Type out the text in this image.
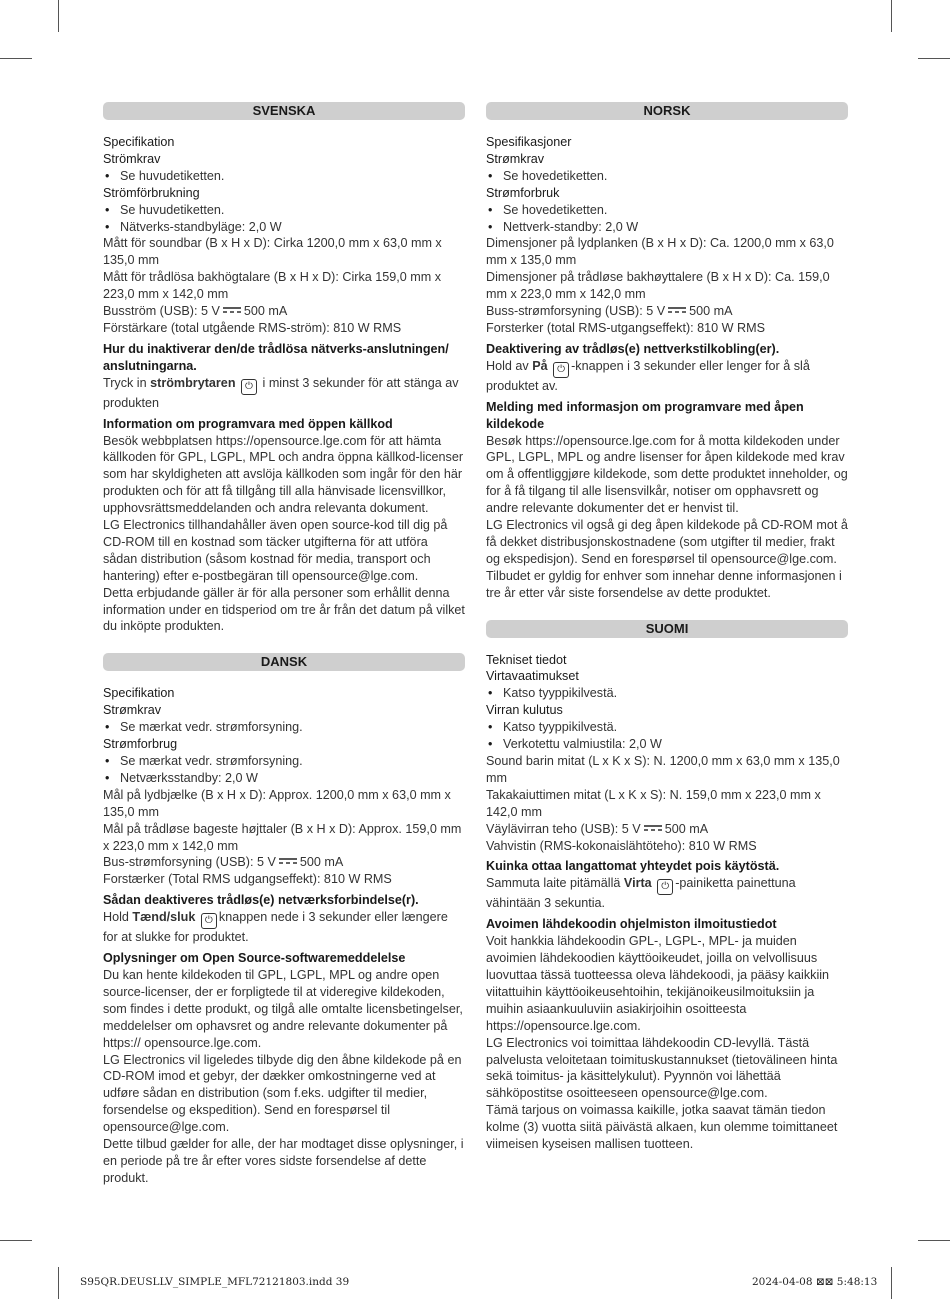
SVENSKA
Specifikation
Strömkrav
• Se huvudetiketten.
Strömförbrukning
• Se huvudetiketten.
• Nätverks-standbyläge: 2,0 W
Mått för soundbar (B x H x D): Cirka 1200,0 mm x 63,0 mm x 135,0 mm
Mått för trådlösa bakhögtalare (B x H x D): Cirka 159,0 mm x 223,0 mm x 142,0 mm
Busström (USB): 5 V 500 mA
Förstärkare (total utgående RMS-ström): 810 W RMS
Hur du inaktiverar den/de trådlösa nätverks-anslutningen/ anslutningarna.
Tryck in strömbrytaren ⏻ i minst 3 sekunder för att stänga av produkten
Information om programvara med öppen källkod
Besök webbplatsen https://opensource.lge.com för att hämta källkoden för GPL, LGPL, MPL och andra öppna källkod-licenser som har skyldigheten att avslöja källkoden som ingår för den här produkten och för att få tillgång till alla hänvisade licensvillkor, upphovsrättsmeddelanden och andra relevanta dokument.
LG Electronics tillhandahåller även open source-kod till dig på CD-ROM till en kostnad som täcker utgifterna för att utföra sådan distribution (såsom kostnad för media, transport och hantering) efter e-postbegäran till opensource@lge.com.
Detta erbjudande gäller är för alla personer som erhållit denna information under en tidsperiod om tre år från det datum på vilket du inköpte produkten.
DANSK
Specifikation
Strømkrav
• Se mærkat vedr. strømforsyning.
Strømforbrug
• Se mærkat vedr. strømforsyning.
• Netværksstandby: 2,0 W
Mål på lydbjælke (B x H x D): Approx. 1200,0 mm x 63,0 mm x 135,0 mm
Mål på trådløse bageste højttaler (B x H x D): Approx. 159,0 mm x 223,0 mm x 142,0 mm
Bus-strømforsyning (USB): 5 V 500 mA
Forstærker (Total RMS udgangseffekt): 810 W RMS
Sådan deaktiveres trådløs(e) netværksforbindelse(r).
Hold Tænd/sluk ⏻ knappen nede i 3 sekunder eller længere for at slukke for produktet.
Oplysninger om Open Source-softwaremeddelelse
Du kan hente kildekoden til GPL, LGPL, MPL og andre open source-licenser, der er forpligtede til at videregive kildekoden, som findes i dette produkt, og tilgå alle omtalte licensbetingelser, meddelelser om ophavsret og andre relevante dokumenter på https:// opensource.lge.com.
LG Electronics vil ligeledes tilbyde dig den åbne kildekode på en CD-ROM imod et gebyr, der dækker omkostningerne ved at udføre sådan en distribution (som f.eks. udgifter til medier, forsendelse og ekspedition). Send en forespørsel til opensource@lge.com.
Dette tilbud gælder for alle, der har modtaget disse oplysninger, i en periode på tre år efter vores sidste forsendelse af dette produkt.
NORSK
Spesifikasjoner
Strømkrav
• Se hovedetiketten.
Strømforbruk
• Se hovedetiketten.
• Nettverk-standby: 2,0 W
Dimensjoner på lydplanken (B x H x D): Ca. 1200,0 mm x 63,0 mm x 135,0 mm
Dimensjoner på trådløse bakhøyttalere (B x H x D): Ca. 159,0 mm x 223,0 mm x 142,0 mm
Buss-strømforsyning (USB): 5 V 500 mA
Forsterker (total RMS-utgangseffekt): 810 W RMS
Deaktivering av trådløs(e) nettverkstilkobling(er).
Hold av På ⏻ -knappen i 3 sekunder eller lenger for å slå produktet av.
Melding med informasjon om programvare med åpen kildekode
Besøk https://opensource.lge.com for å motta kildekoden under GPL, LGPL, MPL og andre lisenser for åpen kildekode med krav om å offentliggjøre kildekode, som dette produktet inneholder, og for å få tilgang til alle lisensvilkår, notiser om opphavsrett og andre relevante dokumenter det er henvist til.
LG Electronics vil også gi deg åpen kildekode på CD-ROM mot å få dekket distribusjonskostnadene (som utgifter til medier, frakt og ekspedisjon). Send en forespørsel til opensource@lge.com.
Tilbudet er gyldig for enhver som innehar denne informasjonen i tre år etter vår siste forsendelse av dette produktet.
SUOMI
Tekniset tiedot
Virtavaatimukset
• Katso tyyppikilvestä.
Virran kulutus
• Katso tyyppikilvestä.
• Verkotettu valmiustila: 2,0 W
Sound barin mitat (L x K x S): N. 1200,0 mm x 63,0 mm x 135,0 mm
Takakaiuttimen mitat (L x K x S): N. 159,0 mm x 223,0 mm x 142,0 mm
Väylävirran teho (USB): 5 V 500 mA
Vahvistin (RMS-kokonaislähtöteho): 810 W RMS
Kuinka ottaa langattomat yhteydet pois käytöstä.
Sammuta laite pitämällä Virta ⏻ -painiketta painettuna vähintään 3 sekuntia.
Avoimen lähdekoodin ohjelmiston ilmoitustiedot
Voit hankkia lähdekoodin GPL-, LGPL-, MPL- ja muiden avoimien lähdekoodien käyttöoikeudet, joilla on velvollisuus luovuttaa tässä tuotteessa oleva lähdekoodi, ja pääsy kaikkiin viitattuihin käyttöoikeusehtoihin, tekijänoikeusilmoituksiin ja muihin asiaankuuluviin asiakirjoihin osoitteesta https://opensource.lge.com.
LG Electronics voi toimittaa lähdekoodin CD-levyllä. Tästä palvelusta veloitetaan toimituskustannukset (tietovälineen hinta sekä toimitus- ja käsittelykulut). Pyynnön voi lähettää sähköpostitse osoitteeseen opensource@lge.com.
Tämä tarjous on voimassa kaikille, jotka saavat tämän tiedon kolme (3) vuotta siitä päivästä alkaen, kun olemme toimittaneet viimeisen kyseisen mallisen tuotteen.
S95QR.DEUSLLV_SIMPLE_MFL72121803.indd 39	2024-04-08 ⊠⊠ 5:48:13
